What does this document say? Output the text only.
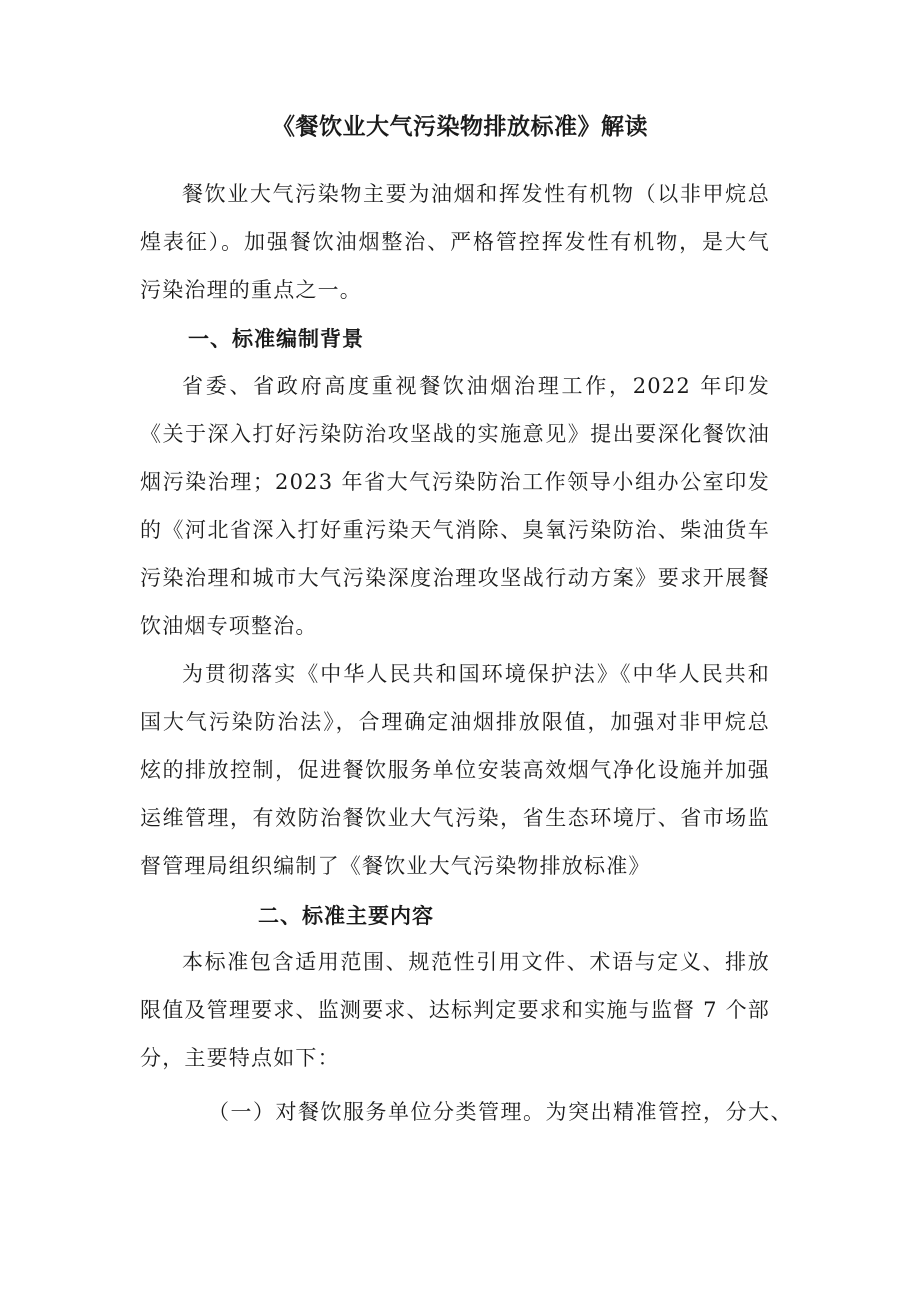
《餐饮业大气污染物排放标准》解读

餐饮业大气污染物主要为油烟和挥发性有机物（以非甲烷总煌表征）。加强餐饮油烟整治、严格管控挥发性有机物，是大气污染治理的重点之一。

一、标准编制背景

省委、省政府高度重视餐饮油烟治理工作，2022 年印发《关于深入打好污染防治攻坚战的实施意见》提出要深化餐饮油烟污染治理；2023 年省大气污染防治工作领导小组办公室印发的《河北省深入打好重污染天气消除、臭氧污染防治、柴油货车污染治理和城市大气污染深度治理攻坚战行动方案》要求开展餐饮油烟专项整治。

为贯彻落实《中华人民共和国环境保护法》《中华人民共和国大气污染防治法》，合理确定油烟排放限值，加强对非甲烷总炫的排放控制，促进餐饮服务单位安装高效烟气净化设施并加强运维管理，有效防治餐饮业大气污染，省生态环境厅、省市场监督管理局组织编制了《餐饮业大气污染物排放标准》

二、标准主要内容

本标准包含适用范围、规范性引用文件、术语与定义、排放限值及管理要求、监测要求、达标判定要求和实施与监督 7 个部分，主要特点如下：

（一）对餐饮服务单位分类管理。为突出精准管控，分大、
